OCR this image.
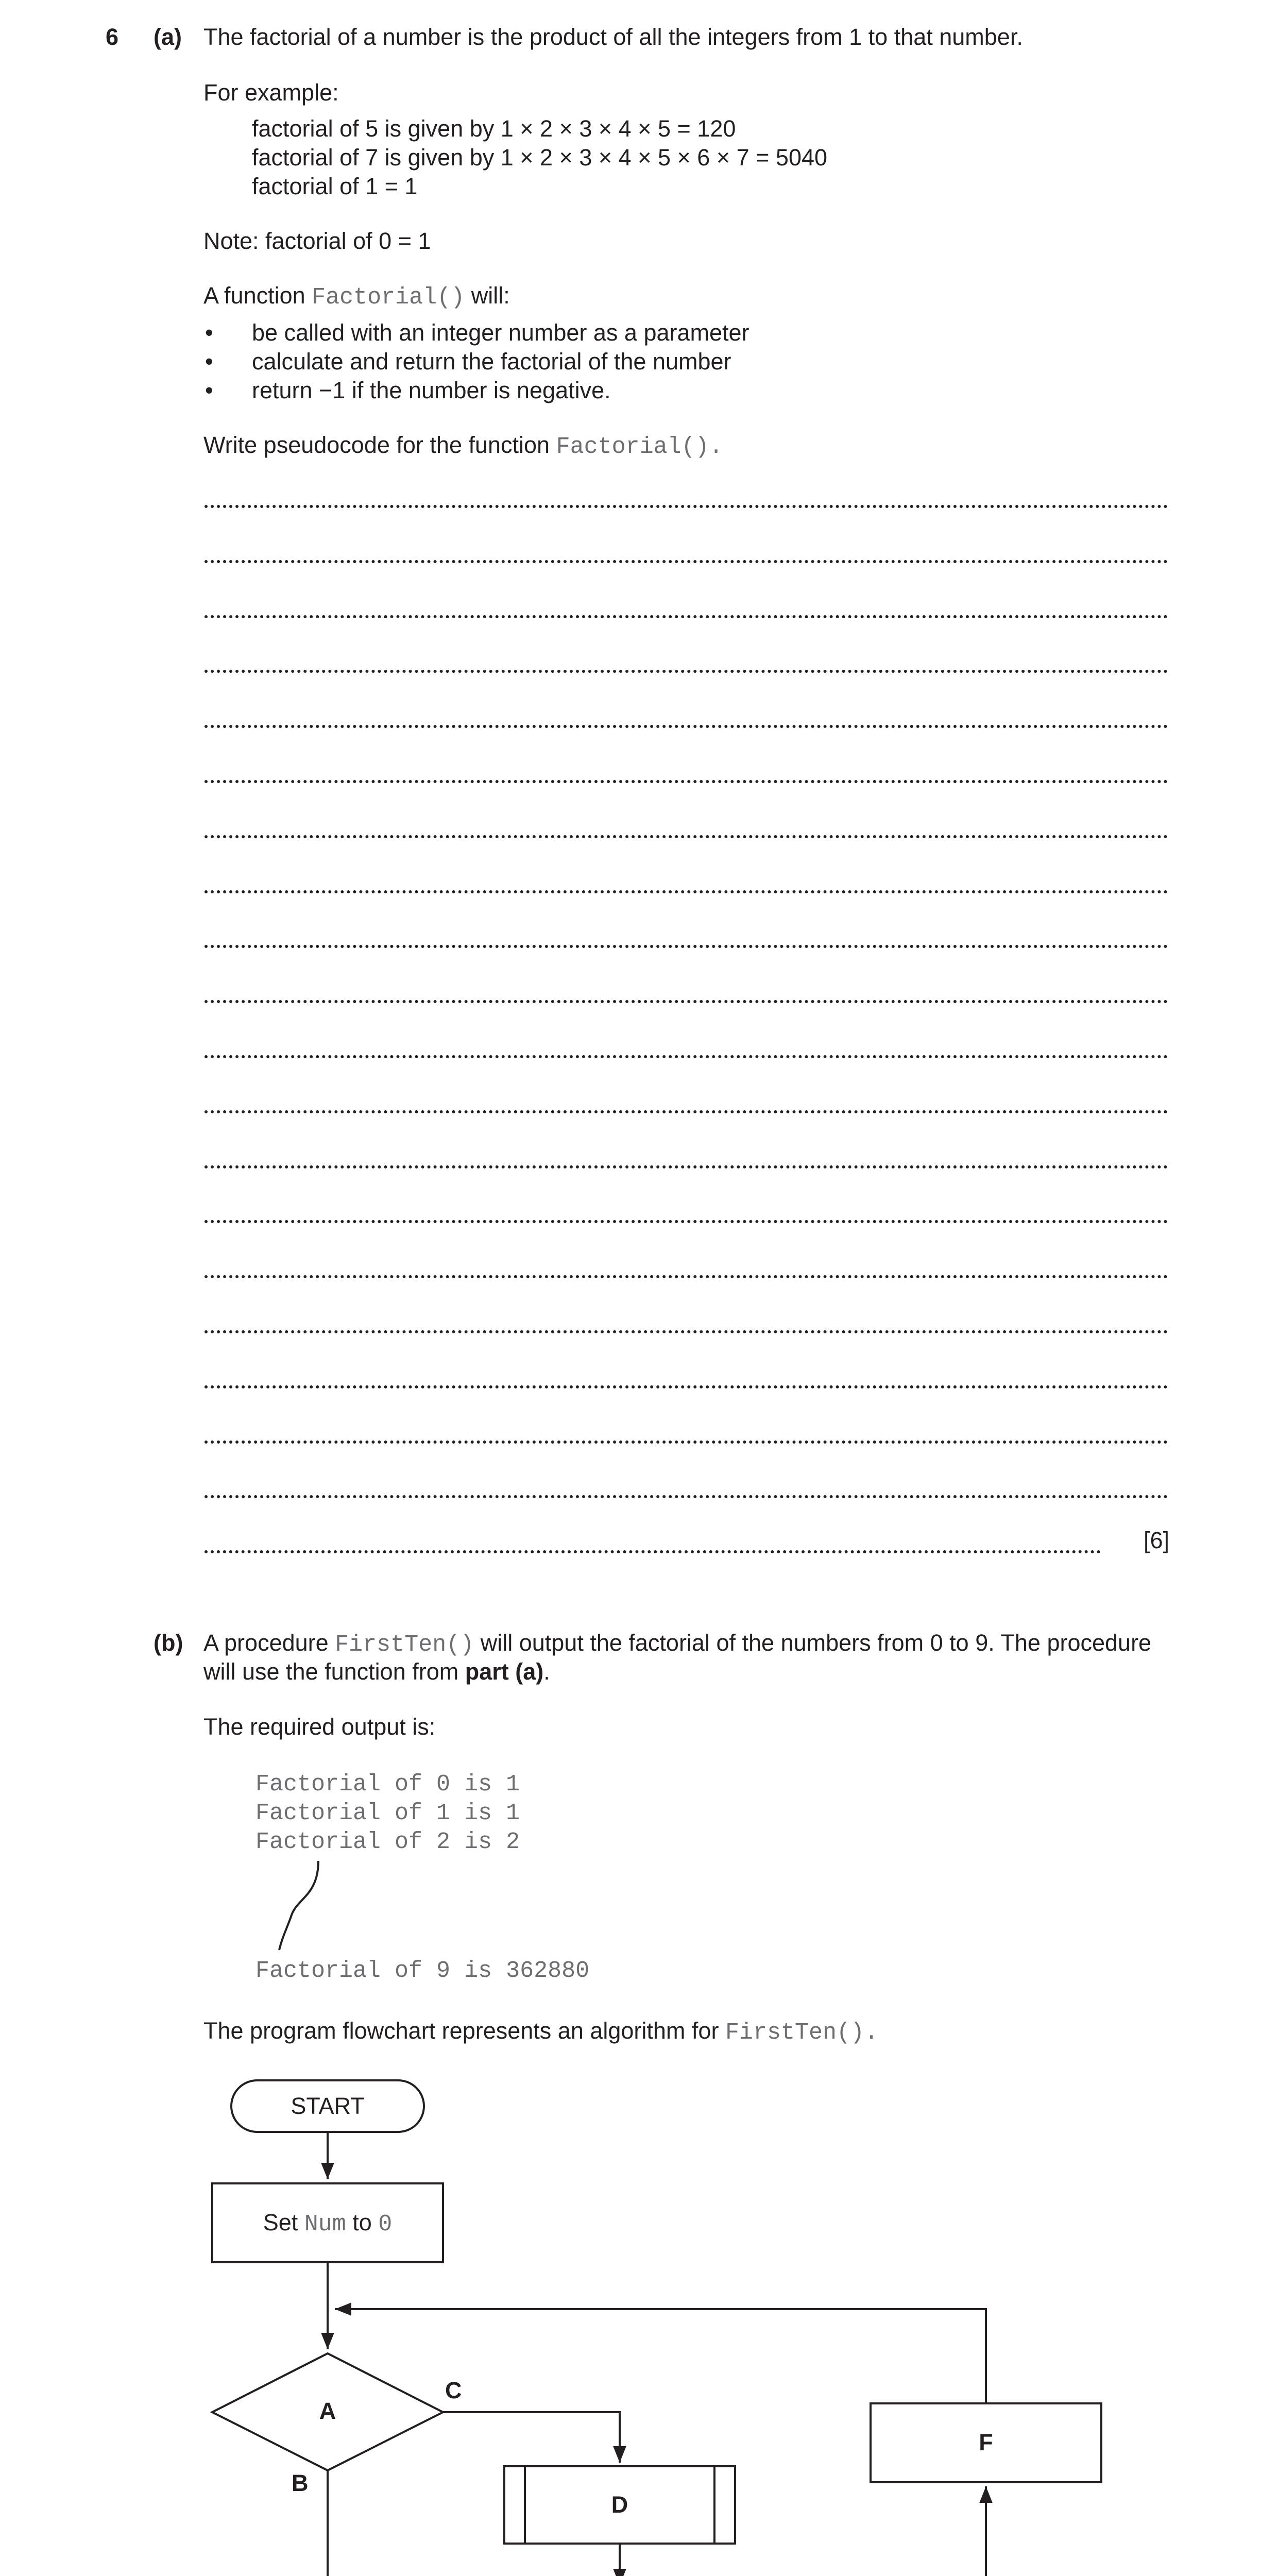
6 (a) The factorial of a number is the product of all the integers from 1 to that number.
For example:
factorial of 5 is given by 1 × 2 × 3 × 4 × 5 = 120
factorial of 7 is given by 1 × 2 × 3 × 4 × 5 × 6 × 7 = 5040
factorial of 1 = 1
Note: factorial of 0 = 1
A function Factorial() will:
• be called with an integer number as a parameter
• calculate and return the factorial of the number
• return −1 if the number is negative.
Write pseudocode for the function Factorial().
[6]
(b) A procedure FirstTen() will output the factorial of the numbers from 0 to 9. The procedure
will use the function from part (a).
The required output is:
Factorial of 0 is 1
Factorial of 1 is 1
Factorial of 2 is 2
Factorial of 9 is 362880
The program flowchart represents an algorithm for FirstTen().
START
Set Num to 0
A
C
B
D
F
